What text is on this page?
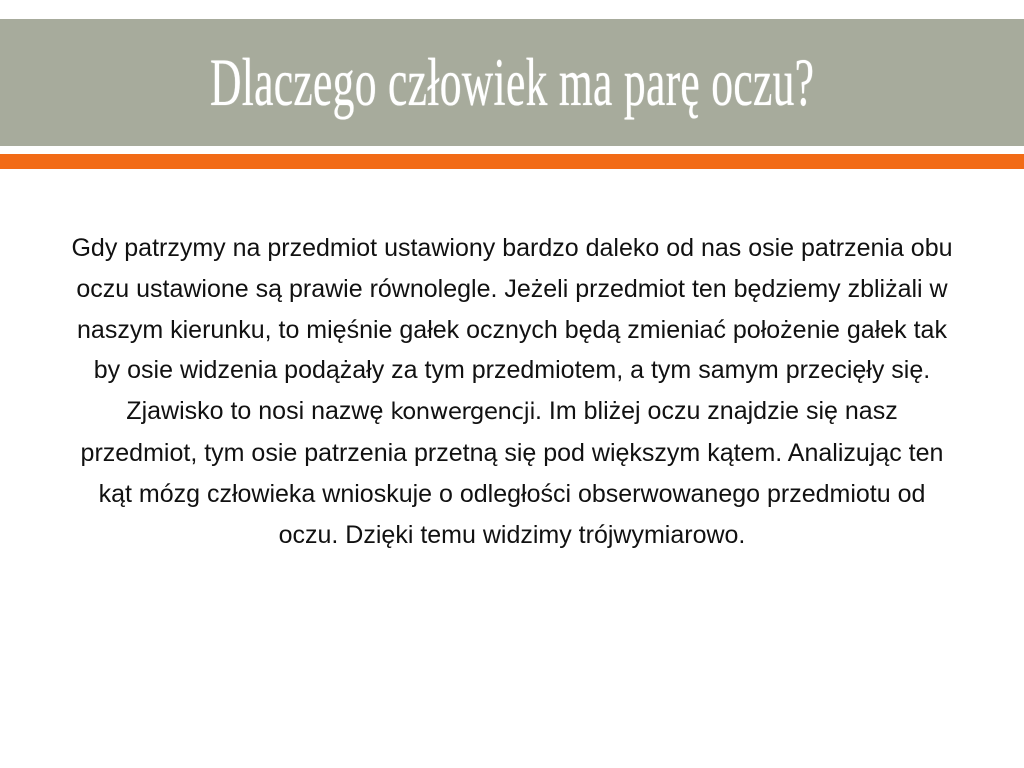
Dlaczego człowiek ma parę oczu?

Gdy patrzymy na przedmiot ustawiony bardzo daleko od nas osie patrzenia obu oczu ustawione są prawie równolegle. Jeżeli przedmiot ten będziemy zbliżali w naszym kierunku, to mięśnie gałek ocznych będą zmieniać położenie gałek tak by osie widzenia podążały za tym przedmiotem, a tym samym przecięły się. Zjawisko to nosi nazwę konwergencji. Im bliżej oczu znajdzie się nasz przedmiot, tym osie patrzenia przetną się pod większym kątem. Analizując ten kąt mózg człowieka wnioskuje o odległości obserwowanego przedmiotu od oczu. Dzięki temu widzimy trójwymiarowo.
